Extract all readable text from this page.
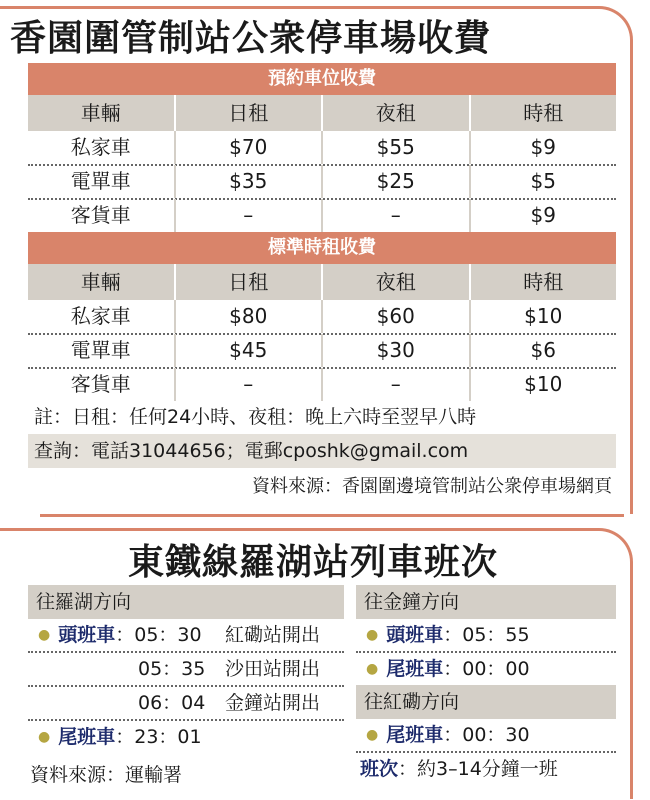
香園圍管制站公衆停車場收費
預約車位收費
車輛	日租	夜租	時租
私家車	$70	$55	$9
電單車	$35	$25	$5
客貨車	–	–	$9
標準時租收費
車輛	日租	夜租	時租
私家車	$80	$60	$10
電單車	$45	$30	$6
客貨車	–	–	$10
註：日租：任何24小時、夜租：晚上六時至翌早八時
查詢：電話31044656；電郵cposhk@gmail.com
資料來源：香園圍邊境管制站公衆停車場網頁
東鐵線羅湖站列車班次
往羅湖方向
● 頭班車：05：30 紅磡站開出
05：35 沙田站開出
06：04 金鐘站開出
● 尾班車：23：01
往金鐘方向
● 頭班車：05：55
● 尾班車：00：00
往紅磡方向
● 尾班車：00：30
資料來源：運輸署	班次：約3–14分鐘一班
